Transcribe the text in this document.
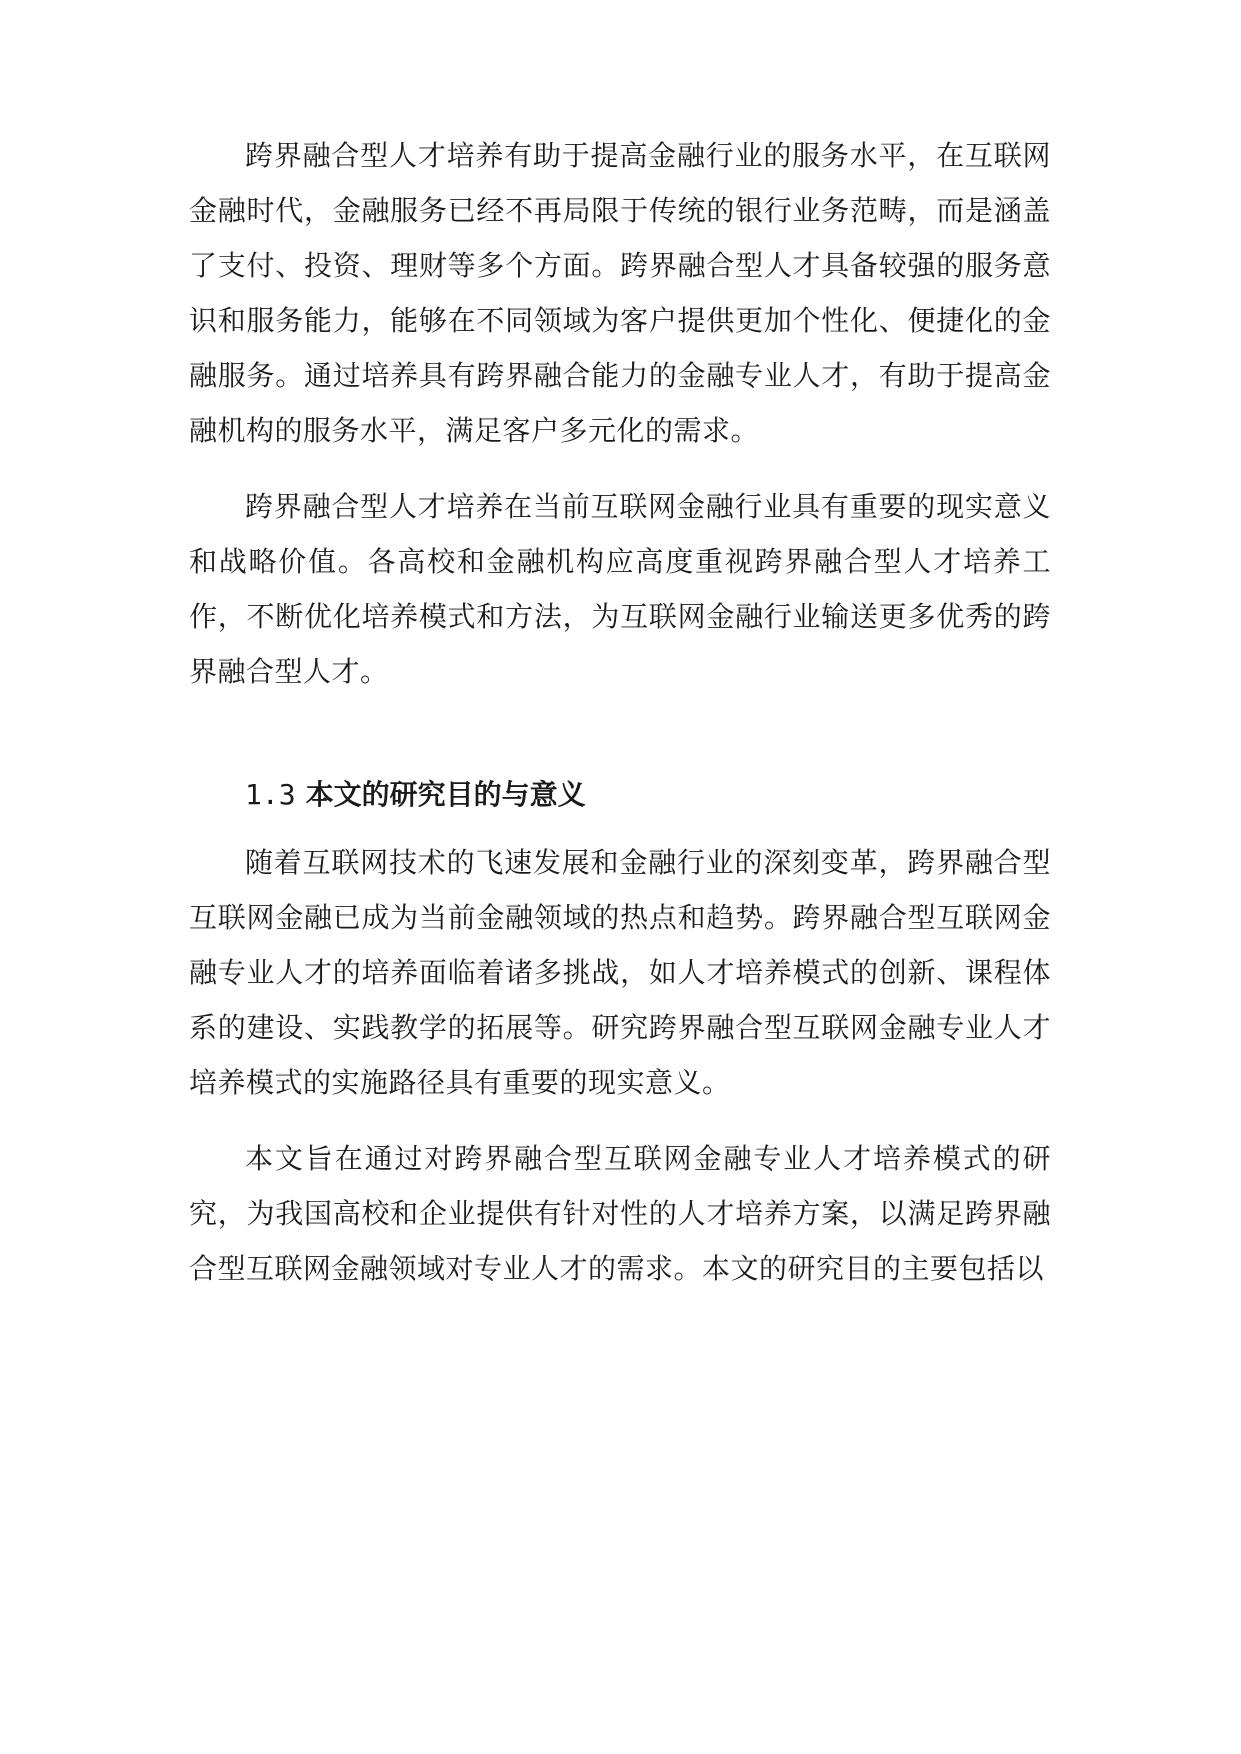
跨界融合型人才培养有助于提高金融行业的服务水平，在互联网金融时代，金融服务已经不再局限于传统的银行业务范畴，而是涵盖了支付、投资、理财等多个方面。跨界融合型人才具备较强的服务意识和服务能力，能够在不同领域为客户提供更加个性化、便捷化的金融服务。通过培养具有跨界融合能力的金融专业人才，有助于提高金融机构的服务水平，满足客户多元化的需求。

跨界融合型人才培养在当前互联网金融行业具有重要的现实意义和战略价值。各高校和金融机构应高度重视跨界融合型人才培养工作，不断优化培养模式和方法，为互联网金融行业输送更多优秀的跨界融合型人才。

1.3 本文的研究目的与意义

随着互联网技术的飞速发展和金融行业的深刻变革，跨界融合型互联网金融已成为当前金融领域的热点和趋势。跨界融合型互联网金融专业人才的培养面临着诸多挑战，如人才培养模式的创新、课程体系的建设、实践教学的拓展等。研究跨界融合型互联网金融专业人才培养模式的实施路径具有重要的现实意义。

本文旨在通过对跨界融合型互联网金融专业人才培养模式的研究，为我国高校和企业提供有针对性的人才培养方案，以满足跨界融合型互联网金融领域对专业人才的需求。本文的研究目的主要包括以
